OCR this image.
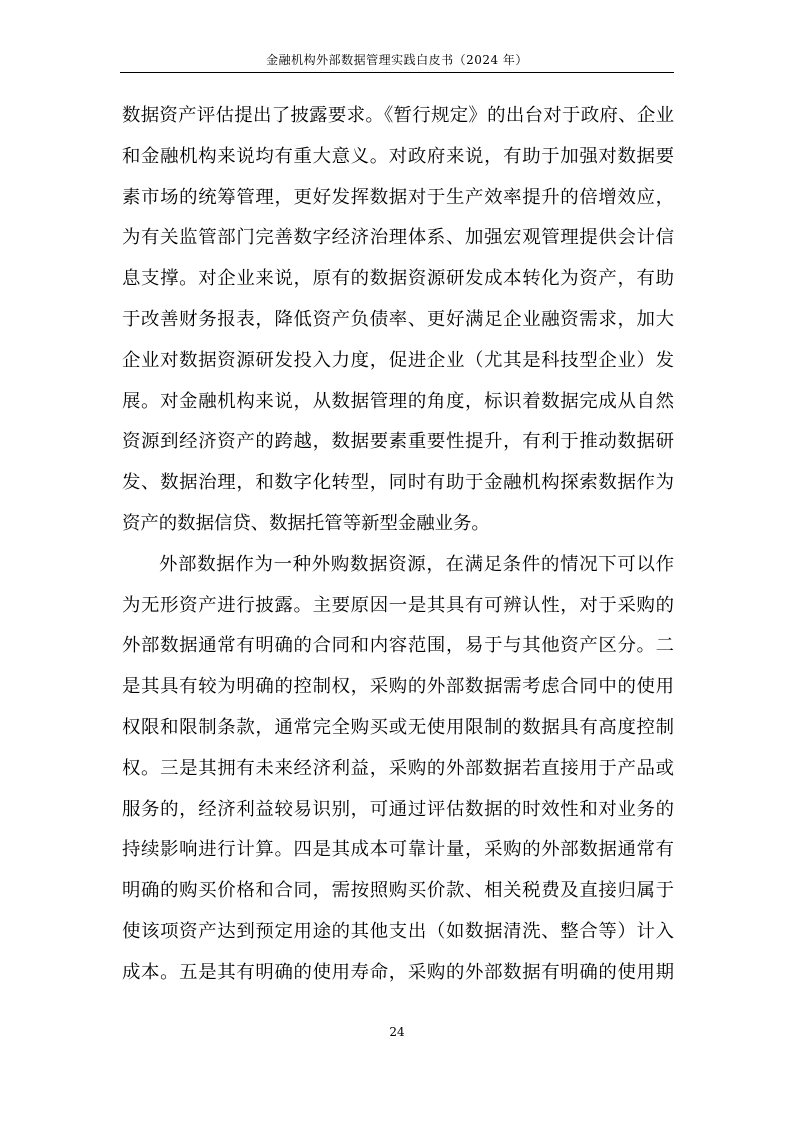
金融机构外部数据管理实践白皮书（2024 年）
数据资产评估提出了披露要求。《暂行规定》的出台对于政府、企业
和金融机构来说均有重大意义。对政府来说，有助于加强对数据要
素市场的统筹管理，更好发挥数据对于生产效率提升的倍增效应，
为有关监管部门完善数字经济治理体系、加强宏观管理提供会计信
息支撑。对企业来说，原有的数据资源研发成本转化为资产，有助
于改善财务报表，降低资产负债率、更好满足企业融资需求，加大
企业对数据资源研发投入力度，促进企业（尤其是科技型企业）发
展。对金融机构来说，从数据管理的角度，标识着数据完成从自然
资源到经济资产的跨越，数据要素重要性提升，有利于推动数据研
发、数据治理，和数字化转型，同时有助于金融机构探索数据作为
资产的数据信贷、数据托管等新型金融业务。
外部数据作为一种外购数据资源，在满足条件的情况下可以作
为无形资产进行披露。主要原因一是其具有可辨认性，对于采购的
外部数据通常有明确的合同和内容范围，易于与其他资产区分。二
是其具有较为明确的控制权，采购的外部数据需考虑合同中的使用
权限和限制条款，通常完全购买或无使用限制的数据具有高度控制
权。三是其拥有未来经济利益，采购的外部数据若直接用于产品或
服务的，经济利益较易识别，可通过评估数据的时效性和对业务的
持续影响进行计算。四是其成本可靠计量，采购的外部数据通常有
明确的购买价格和合同，需按照购买价款、相关税费及直接归属于
使该项资产达到预定用途的其他支出（如数据清洗、整合等）计入
成本。五是其有明确的使用寿命，采购的外部数据有明确的使用期
24
